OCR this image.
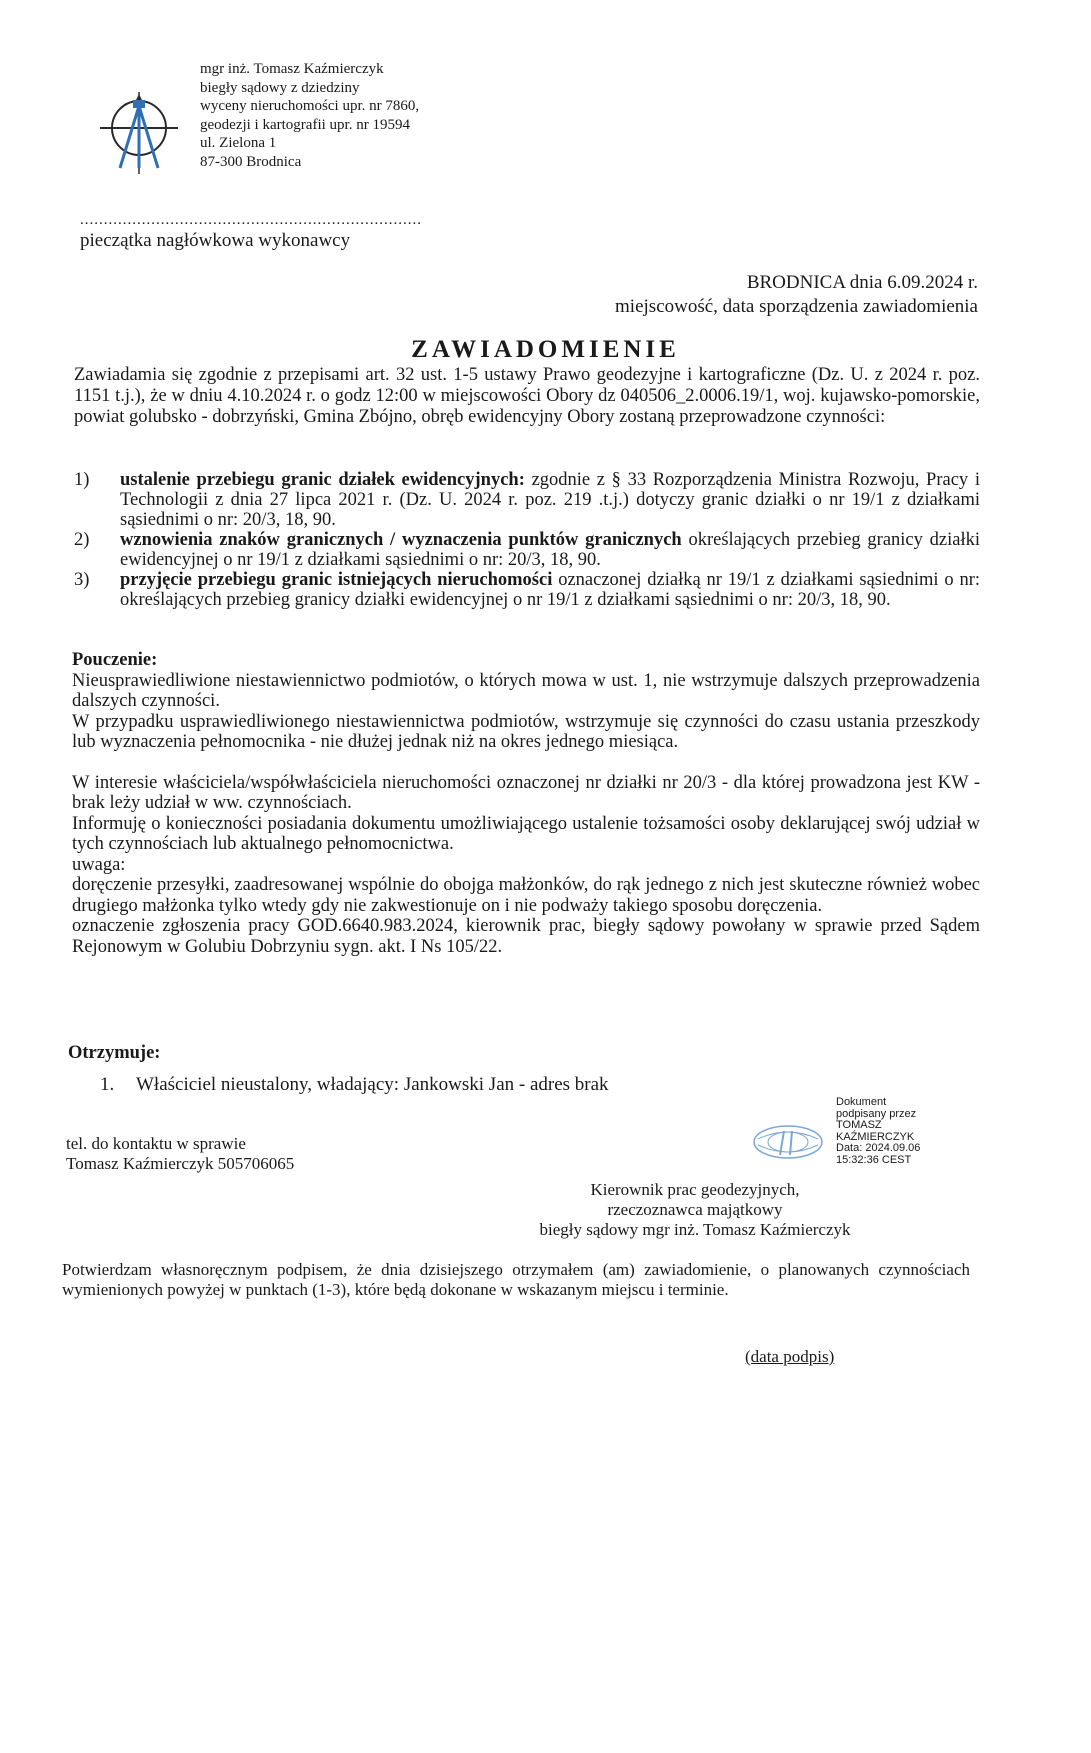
mgr inż. Tomasz Kaźmierczyk
biegły sądowy z dziedziny
wyceny nieruchomości upr. nr 7860,
geodezji i kartografii upr. nr 19594
ul. Zielona 1
87-300 Brodnica
........................................................................
pieczątka nagłówkowa wykonawcy
BRODNICA dnia 6.09.2024 r.
miejscowość, data sporządzenia zawiadomienia
ZAWIADOMIENIE
Zawiadamia się zgodnie z przepisami art. 32 ust. 1-5 ustawy Prawo geodezyjne i kartograficzne (Dz. U. z 2024 r. poz. 1151 t.j.), że w dniu 4.10.2024 r. o godz 12:00 w miejscowości Obory dz 040506_2.0006.19/1, woj. kujawsko-pomorskie, powiat golubsko - dobrzyński, Gmina Zbójno, obręb ewidencyjny Obory zostaną przeprowadzone czynności:
1)	ustalenie przebiegu granic działek ewidencyjnych: zgodnie z § 33 Rozporządzenia Ministra Rozwoju, Pracy i Technologii z dnia 27 lipca 2021 r. (Dz. U. 2024 r. poz. 219 .t.j.) dotyczy granic działki o nr 19/1 z działkami sąsiednimi o nr: 20/3, 18, 90.
2)	wznowienia znaków granicznych / wyznaczenia punktów granicznych określających przebieg granicy działki ewidencyjnej o nr 19/1 z działkami sąsiednimi o nr: 20/3, 18, 90.
3)	przyjęcie przebiegu granic istniejących nieruchomości oznaczonej działką nr 19/1 z działkami sąsiednimi o nr: określających przebieg granicy działki ewidencyjnej o nr 19/1 z działkami sąsiednimi o nr: 20/3, 18, 90.

Pouczenie:

Nieusprawiedliwione niestawiennictwo podmiotów, o których mowa w ust. 1, nie wstrzymuje dalszych przeprowadzenia dalszych czynności.

W przypadku usprawiedliwionego niestawiennictwa podmiotów, wstrzymuje się czynności do czasu ustania przeszkody lub wyznaczenia pełnomocnika - nie dłużej jednak niż na okres jednego miesiąca.

W interesie właściciela/współwłaściciela nieruchomości oznaczonej nr działki nr 20/3 - dla której prowadzona jest KW - brak leży udział w ww. czynnościach.

Informuję o konieczności posiadania dokumentu umożliwiającego ustalenie tożsamości osoby deklarującej swój udział w tych czynnościach lub aktualnego pełnomocnictwa.

uwaga:

doręczenie przesyłki, zaadresowanej wspólnie do obojga małżonków, do rąk jednego z nich jest skuteczne również wobec drugiego małżonka tylko wtedy gdy nie zakwestionuje on i nie podważy takiego sposobu doręczenia.

oznaczenie zgłoszenia pracy GOD.6640.983.2024, kierownik prac, biegły sądowy powołany w sprawie przed Sądem Rejonowym w Golubiu Dobrzyniu sygn. akt. I Ns 105/22.

Otrzymuje:
1. Właściciel nieustalony, władający: Jankowski Jan - adres brak
Dokument
podpisany przez
TOMASZ
KAŹMIERCZYK
Data: 2024.09.06
15:32:36 CEST
tel. do kontaktu w sprawie
Tomasz Kaźmierczyk 505706065
Kierownik prac geodezyjnych,
rzeczoznawca majątkowy
biegły sądowy mgr inż. Tomasz Kaźmierczyk
Potwierdzam własnoręcznym podpisem, że dnia dzisiejszego otrzymałem (am) zawiadomienie, o planowanych czynnościach wymienionych powyżej w punktach (1-3), które będą dokonane w wskazanym miejscu i terminie.
(data podpis)
